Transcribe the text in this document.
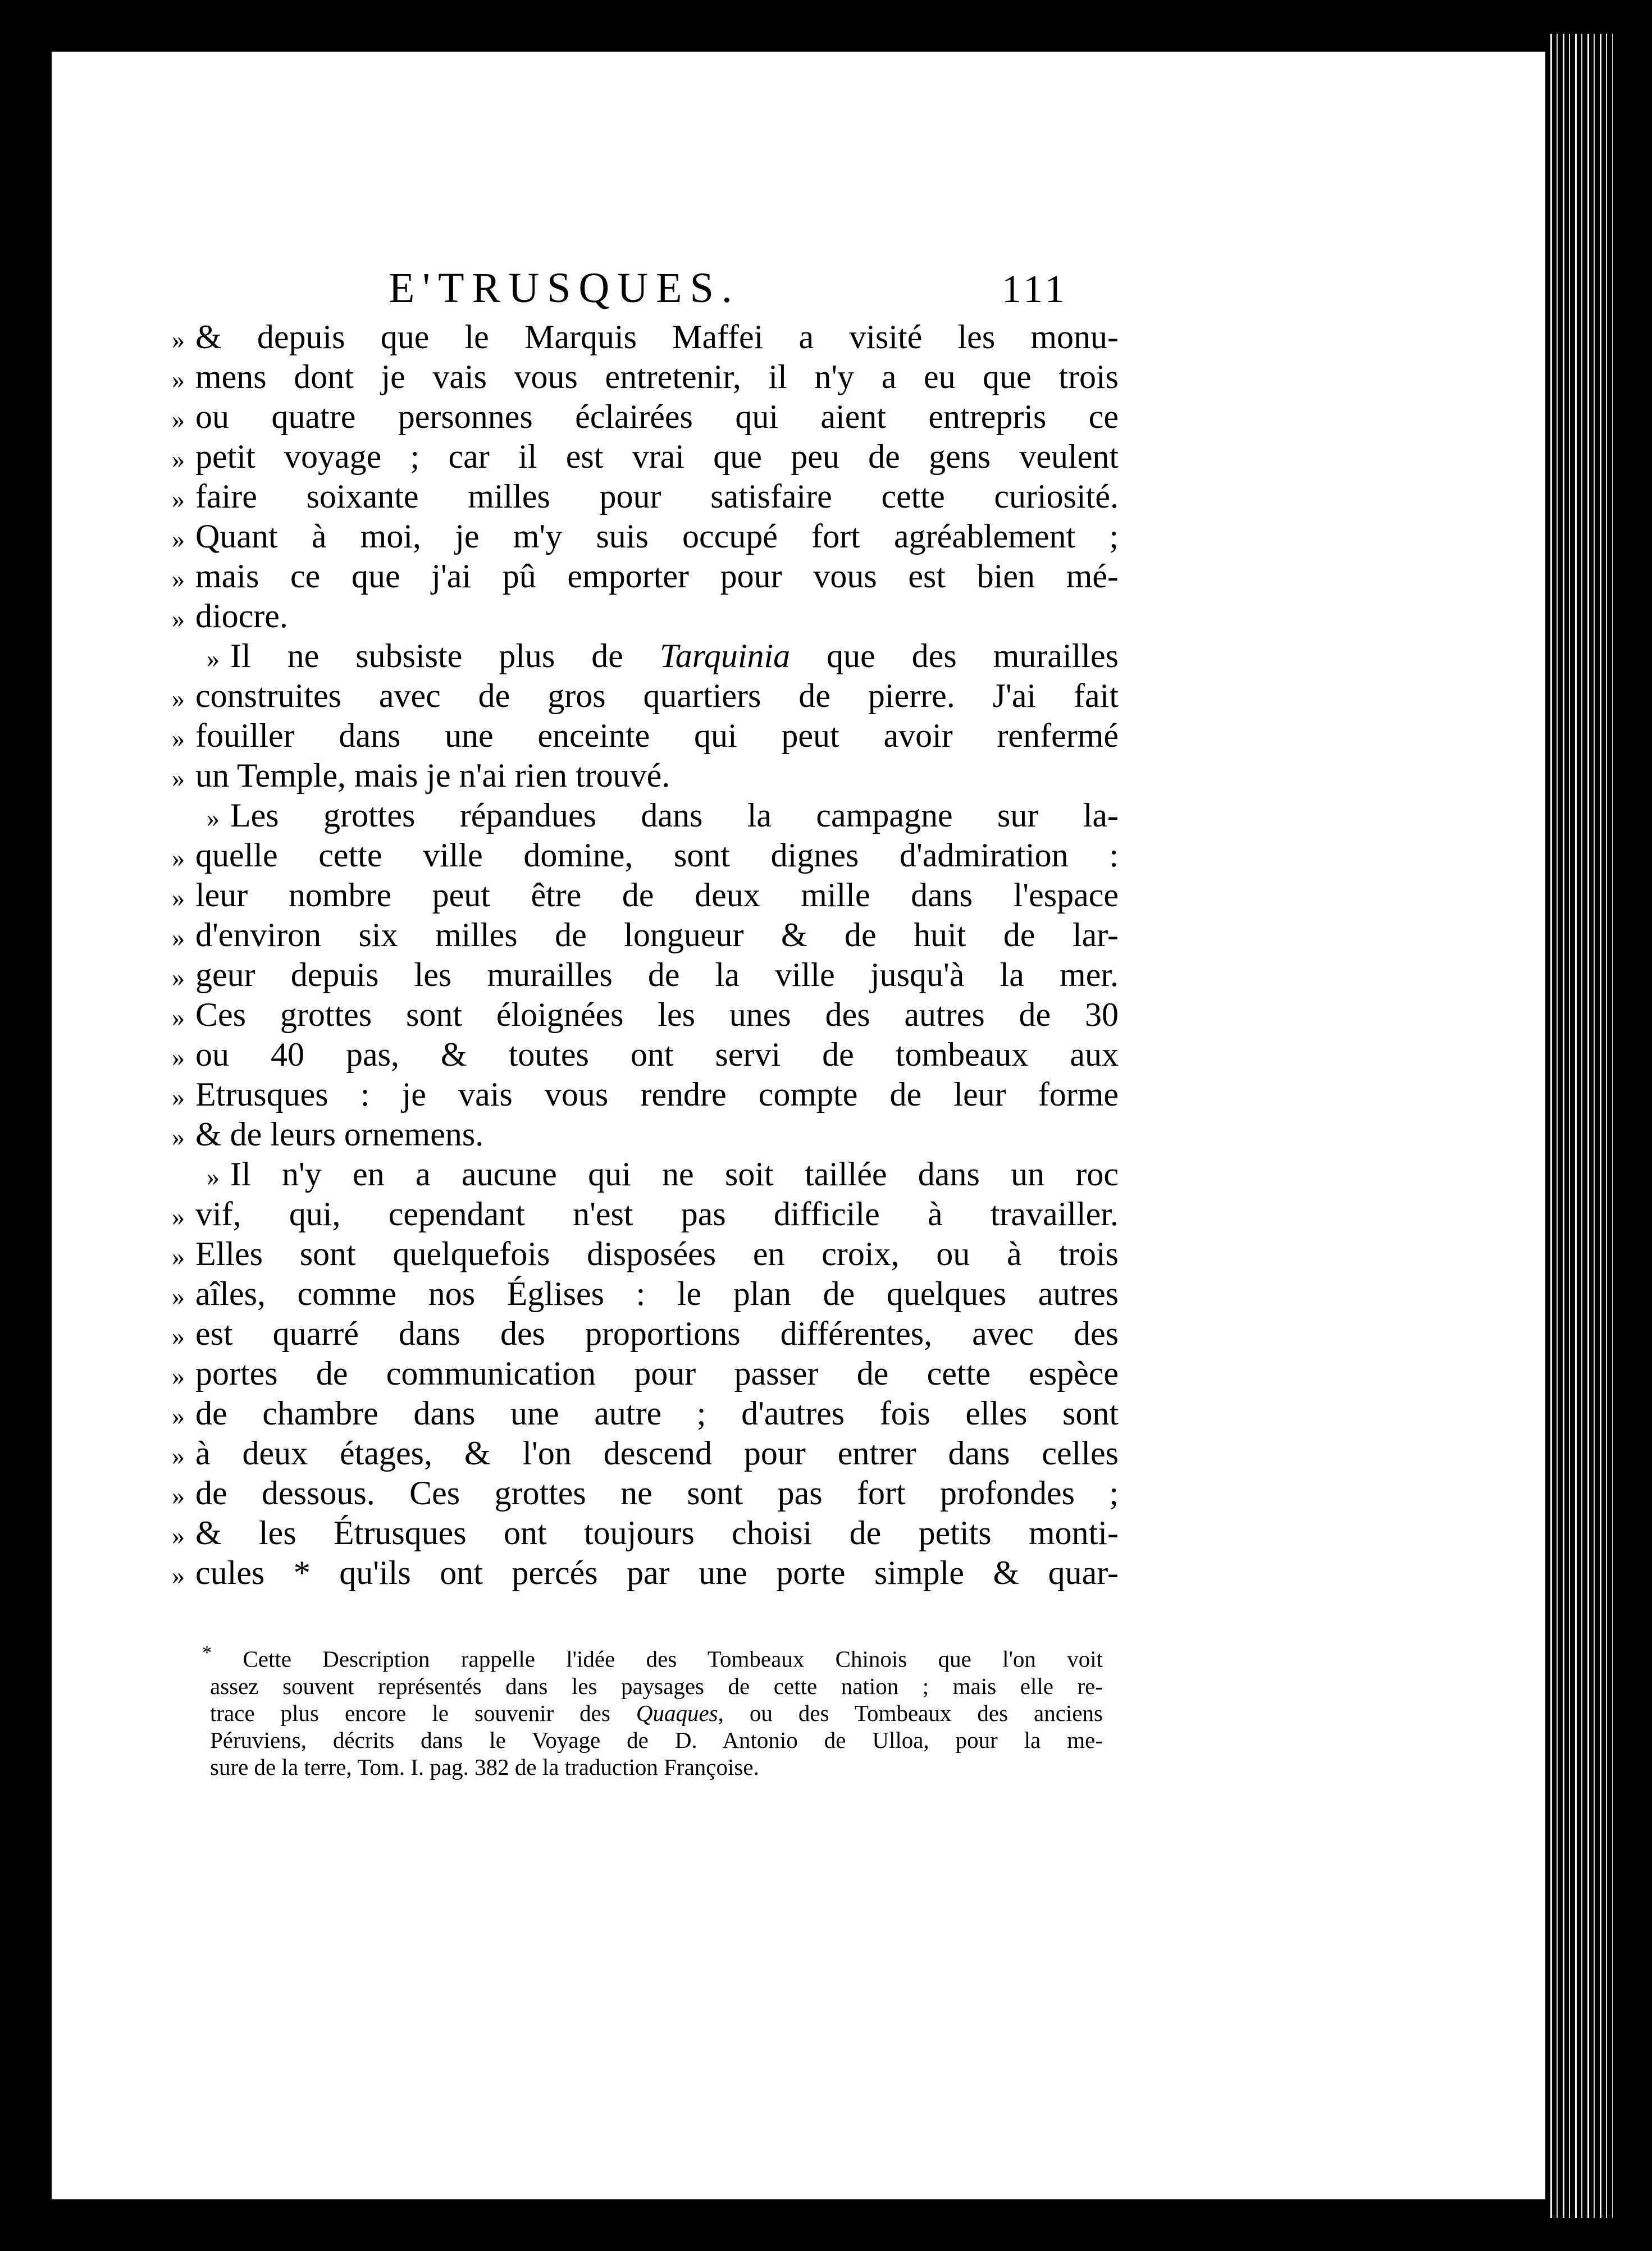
E'TRUSQUES.	111
» & depuis que le Marquis Maffei a visité les monu-
» mens dont je vais vous entretenir, il n'y a eu que trois
» ou quatre personnes éclairées qui aient entrepris ce
» petit voyage ; car il est vrai que peu de gens veulent
» faire soixante milles pour satisfaire cette curiosité.
» Quant à moi, je m'y suis occupé fort agréablement ;
» mais ce que j'ai pû emporter pour vous est bien mé-
» diocre.
» Il ne subsiste plus de Tarquinia que des murailles
» construites avec de gros quartiers de pierre. J'ai fait
» fouiller dans une enceinte qui peut avoir renfermé
» un Temple, mais je n'ai rien trouvé.
» Les grottes répandues dans la campagne sur la-
» quelle cette ville domine, sont dignes d'admiration :
» leur nombre peut être de deux mille dans l'espace
» d'environ six milles de longueur & de huit de lar-
» geur depuis les murailles de la ville jusqu'à la mer.
» Ces grottes sont éloignées les unes des autres de 30
» ou 40 pas, & toutes ont servi de tombeaux aux
» Etrusques : je vais vous rendre compte de leur forme
» & de leurs ornemens.
» Il n'y en a aucune qui ne soit taillée dans un roc
» vif, qui, cependant n'est pas difficile à travailler.
» Elles sont quelquefois disposées en croix, ou à trois
» aîles, comme nos Églises : le plan de quelques autres
» est quarré dans des proportions différentes, avec des
» portes de communication pour passer de cette espèce
» de chambre dans une autre ; d'autres fois elles sont
» à deux étages, & l'on descend pour entrer dans celles
» de dessous. Ces grottes ne sont pas fort profondes ;
» & les Étrusques ont toujours choisi de petits monti-
» cules * qu'ils ont percés par une porte simple & quar-
* Cette Description rappelle l'idée des Tombeaux Chinois que l'on voit
assez souvent représentés dans les paysages de cette nation ; mais elle re-
trace plus encore le souvenir des Quaques, ou des Tombeaux des anciens
Péruviens, décrits dans le Voyage de D. Antonio de Ulloa, pour la me-
sure de la terre, Tom. I. pag. 382 de la traduction Françoise.
